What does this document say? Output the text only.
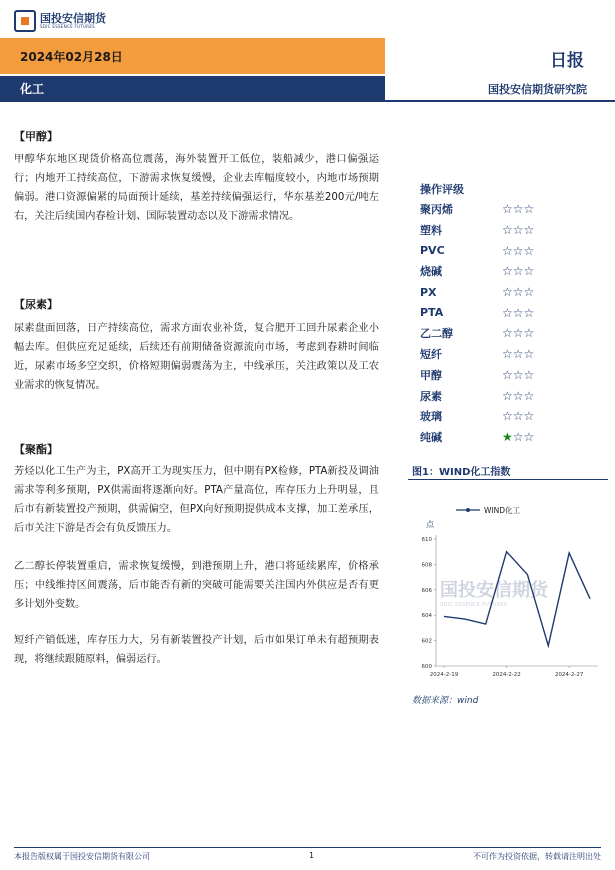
国投安信期货
SDIC ESSENCE FUTURES
2024年02月28日	日报
化工	国投安信期货研究院
【甲醇】
甲醇华东地区现货价格高位震荡，海外装置开工低位，装船减少，港口偏强运行；内地开工持续高位，下游需求恢复缓慢，企业去库幅度较小，内地市场预期偏弱。港口资源偏紧的局面预计延续，基差持续偏强运行，华东基差200元/吨左右，关注后续国内春检计划、国际装置动态以及下游需求情况。
【尿素】
尿素盘面回落，日产持续高位，需求方面农业补货，复合肥开工回升尿素企业小幅去库。但供应充足延续，后续还有前期储备资源流向市场，考虑到春耕时间临近，尿素市场多空交织，价格短期偏弱震荡为主，中线承压，关注政策以及工农业需求的恢复情况。
【聚酯】
芳烃以化工生产为主，PX高开工为现实压力，但中期有PX检修，PTA新投及调油需求等利多预期，PX供需面将逐渐向好。PTA产量高位，库存压力上升明显，且后市有新装置投产预期，供需偏空，但PX向好预期提供成本支撑，加工差承压，后市关注下游是否会有负反馈压力。
乙二醇长停装置重启，需求恢复缓慢，到港预期上升，港口将延续累库，价格承压；中线维持区间震荡，后市能否有新的突破可能需要关注国内外供应是否有更多计划外变数。
短纤产销低迷，库存压力大，另有新装置投产计划，后市如果订单未有超预期表现，将继续跟随原料，偏弱运行。
操作评级
聚丙烯	☆☆☆
塑料	☆☆☆
PVC	☆☆☆
烧碱	☆☆☆
PX	☆☆☆
PTA	☆☆☆
乙二醇	☆☆☆
短纤	☆☆☆
甲醇	☆☆☆
尿素	☆☆☆
玻璃	☆☆☆
纯碱	★☆☆
图1：WIND化工指数
点
WIND化工
600
602
604
606
608
610
2024-2-19	2024-2-22	2024-2-27
数据来源：wind
国投安信期货
SDIC ESSENCE FUTURES
本报告版权属于国投安信期货有限公司	1	不可作为投资依据，转载请注明出处
